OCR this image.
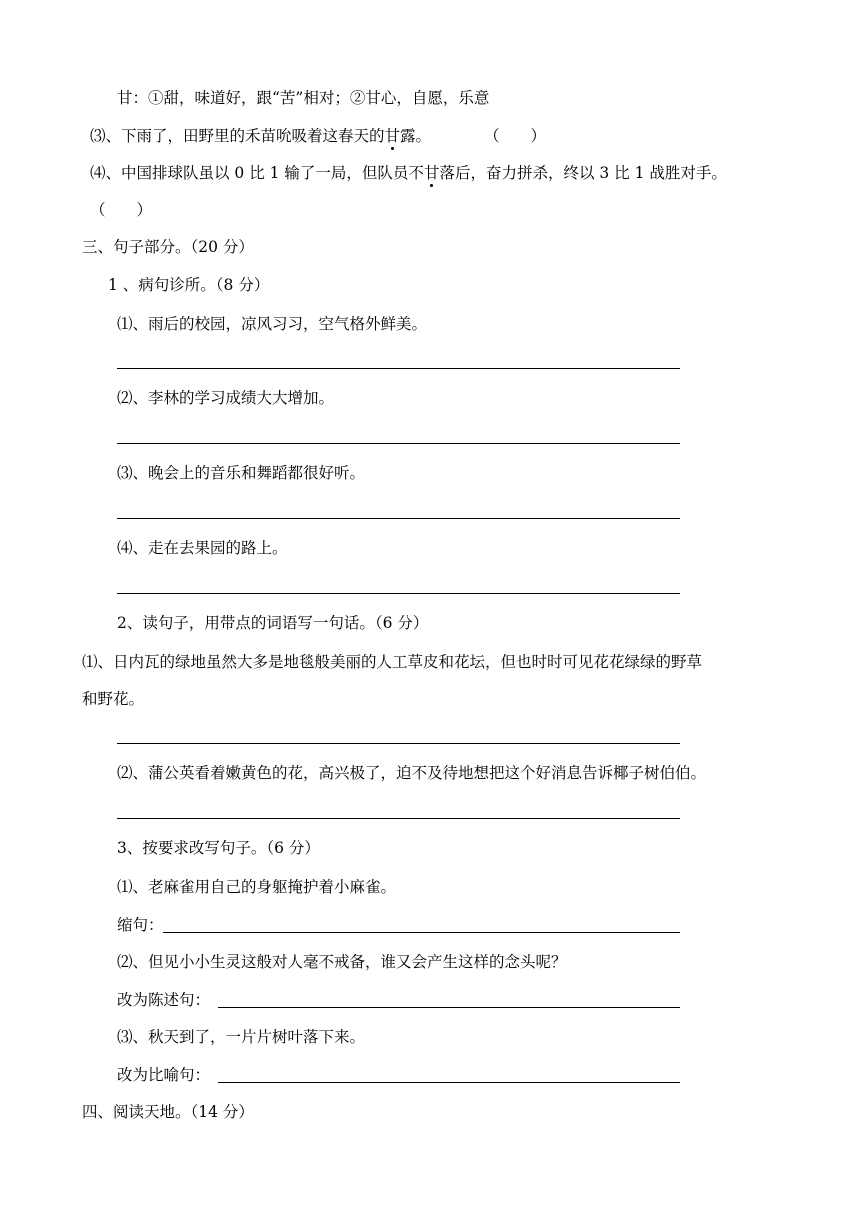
甘：①甜，味道好，跟“苦”相对；②甘心，自愿，乐意
⑶、下雨了，田野里的禾苗吮吸着这春天的甘露。	（　　）
⑷、中国排球队虽以 0 比 1 输了一局，但队员不甘落后，奋力拼杀，终以 3 比 1 战胜对手。
（　　）
三、句子部分。（20 分）
1 、病句诊所。（8 分）
⑴、雨后的校园，凉风习习，空气格外鲜美。
⑵、李林的学习成绩大大增加。
⑶、晚会上的音乐和舞蹈都很好听。
⑷、走在去果园的路上。
2、读句子，用带点的词语写一句话。（6 分）
⑴、日内瓦的绿地虽然大多是地毯般美丽的人工草皮和花坛，但也时时可见花花绿绿的野草
和野花。
⑵、蒲公英看着嫩黄色的花，高兴极了，迫不及待地想把这个好消息告诉椰子树伯伯。
3、按要求改写句子。（6 分）
⑴、老麻雀用自己的身躯掩护着小麻雀。
缩句：
⑵、但见小小生灵这般对人毫不戒备，谁又会产生这样的念头呢？
改为陈述句：
⑶、秋天到了，一片片树叶落下来。
改为比喻句：
四、阅读天地。（14 分）
